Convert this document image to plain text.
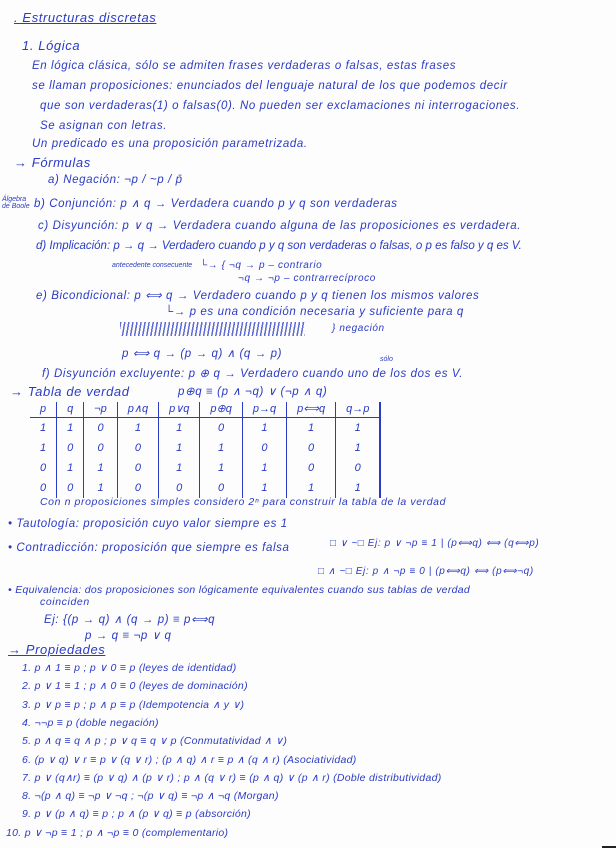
. Estructuras discretas
1. Lógica
En lógica clásica, sólo se admiten frases verdaderas o falsas, estas frases
se llaman proposiciones: enunciados del lenguaje natural de los que podemos decir
que son verdaderas(1) o falsas(0). No pueden ser exclamaciones ni interrogaciones.
Se asignan con letras.
Un predicado es una proposición parametrizada.
→ Fórmulas
a) Negación: ¬p / ~p / p̄
Álgebra de Boole b) Conjunción: p ∧ q → Verdadera cuando p y q son verdaderas
c) Disyunción: p ∨ q → Verdadera cuando alguna de las proposiciones es verdadera.
d) Implicación: p → q → Verdadero cuando p y q son verdaderas o falsas, o p es falso y q es V.
antecedente consecuente └→ { ¬q → p – contrario
¬q → ¬p – contrarrecíproco
e) Bicondicional: p ⟺ q → Verdadero cuando p y q tienen los mismos valores
└→ p es una condición necesaria y suficiente para q
} negación
p ⟺ q → (p → q) ∧ (q → p)	sólo
f) Disyunción excluyente: p ⊕ q → Verdadero cuando uno de los dos es V.
→ Tabla de verdad	p⊕q ≡ (p ∧ ¬q) ∨ (¬p ∧ q)
p	q	¬p	p∧q	p∨q	p⊕q	p→q	p⟺q	q→p
1	1	0	1	1	0	1	1	1
1	0	0	0	1	1	0	0	1
0	1	1	0	1	1	1	0	0
0	0	1	0	0	0	1	1	1
Con n proposiciones simples considero 2ⁿ para construir la tabla de la verdad
• Tautología: proposición cuyo valor siempre es 1
□ ∨ ~□ Ej: p ∨ ¬p ≡ 1 | (p⟺q) ⟺ (q⟺p)
• Contradicción: proposición que siempre es falsa
□ ∧ ~□ Ej: p ∧ ¬p ≡ 0 | (p⟺q) ⟺ (p⟺¬q)
• Equivalencia: dos proposiciones son lógicamente equivalentes cuando sus tablas de verdad
coinciden
Ej: {(p → q) ∧ (q → p) ≡ p⟺q
p → q ≡ ¬p ∨ q
→ Propiedades
1. p ∧ 1 ≡ p ; p ∨ 0 ≡ p (leyes de identidad)
2. p ∨ 1 ≡ 1 ; p ∧ 0 ≡ 0 (leyes de dominación)
3. p ∨ p ≡ p ; p ∧ p ≡ p (Idempotencia ∧ y ∨)
4. ¬¬p ≡ p (doble negación)
5. p ∧ q ≡ q ∧ p ; p ∨ q ≡ q ∨ p (Conmutatividad ∧ ∨)
6. (p ∨ q) ∨ r ≡ p ∨ (q ∨ r) ; (p ∧ q) ∧ r ≡ p ∧ (q ∧ r) (Asociatividad)
7. p ∨ (q∧r) ≡ (p ∨ q) ∧ (p ∨ r) ; p ∧ (q ∨ r) ≡ (p ∧ q) ∨ (p ∧ r) (Doble distributividad)
8. ¬(p ∧ q) ≡ ¬p ∨ ¬q ; ¬(p ∨ q) ≡ ¬p ∧ ¬q (Morgan)
9. p ∨ (p ∧ q) ≡ p ; p ∧ (p ∨ q) ≡ p (absorción)
10. p ∨ ¬p ≡ 1 ; p ∧ ¬p ≡ 0 (complementario)
